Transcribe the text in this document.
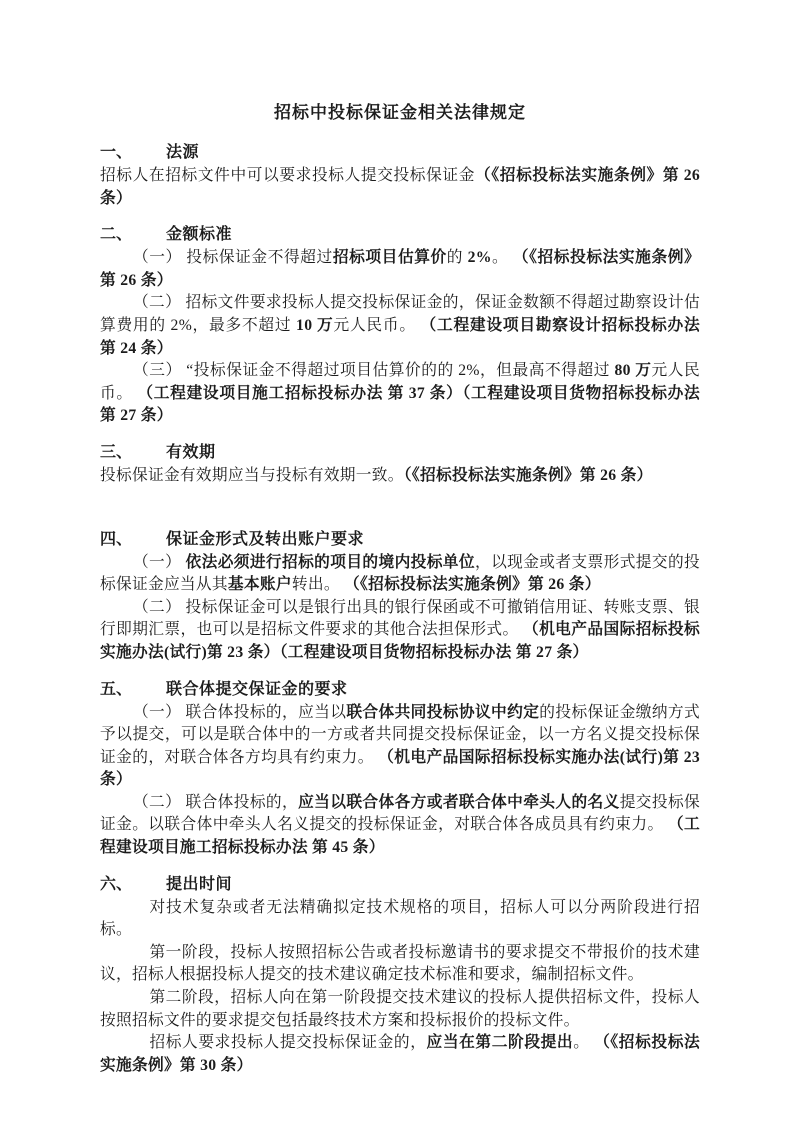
招标中投标保证金相关法律规定
一、	法源

招标人在招标文件中可以要求投标人提交投标保证金（《招标投标法实施条例》第 26 条）

二、	金额标准

（一） 投标保证金不得超过招标项目估算价的 2%。 （《招标投标法实施条例》第 26 条）

（二） 招标文件要求投标人提交投标保证金的，保证金数额不得超过勘察设计估算费用的 2%，最多不超过 10 万元人民币。 （工程建设项目勘察设计招标投标办法 第 24 条）

（三） “投标保证金不得超过项目估算价的的 2%，但最高不得超过 80 万元人民币。 （工程建设项目施工招标投标办法 第 37 条）（工程建设项目货物招标投标办法 第 27 条）

三、	有效期

投标保证金有效期应当与投标有效期一致。（《招标投标法实施条例》第 26 条）

四、	保证金形式及转出账户要求

（一） 依法必须进行招标的项目的境内投标单位，以现金或者支票形式提交的投标保证金应当从其基本账户转出。 （《招标投标法实施条例》第 26 条）

（二） 投标保证金可以是银行出具的银行保函或不可撤销信用证、转账支票、银行即期汇票，也可以是招标文件要求的其他合法担保形式。 （机电产品国际招标投标实施办法(试行)第 23 条）（工程建设项目货物招标投标办法 第 27 条）

五、	联合体提交保证金的要求

（一） 联合体投标的，应当以联合体共同投标协议中约定的投标保证金缴纳方式予以提交，可以是联合体中的一方或者共同提交投标保证金，以一方名义提交投标保证金的，对联合体各方均具有约束力。 （机电产品国际招标投标实施办法(试行)第 23 条）

（二） 联合体投标的，应当以联合体各方或者联合体中牵头人的名义提交投标保证金。以联合体中牵头人名义提交的投标保证金，对联合体各成员具有约束力。 （工程建设项目施工招标投标办法 第 45 条）

六、	提出时间

对技术复杂或者无法精确拟定技术规格的项目，招标人可以分两阶段进行招标。

第一阶段，投标人按照招标公告或者投标邀请书的要求提交不带报价的技术建议，招标人根据投标人提交的技术建议确定技术标准和要求，编制招标文件。

第二阶段，招标人向在第一阶段提交技术建议的投标人提供招标文件，投标人按照招标文件的要求提交包括最终技术方案和投标报价的投标文件。

招标人要求投标人提交投标保证金的，应当在第二阶段提出。 （《招标投标法实施条例》第 30 条）
